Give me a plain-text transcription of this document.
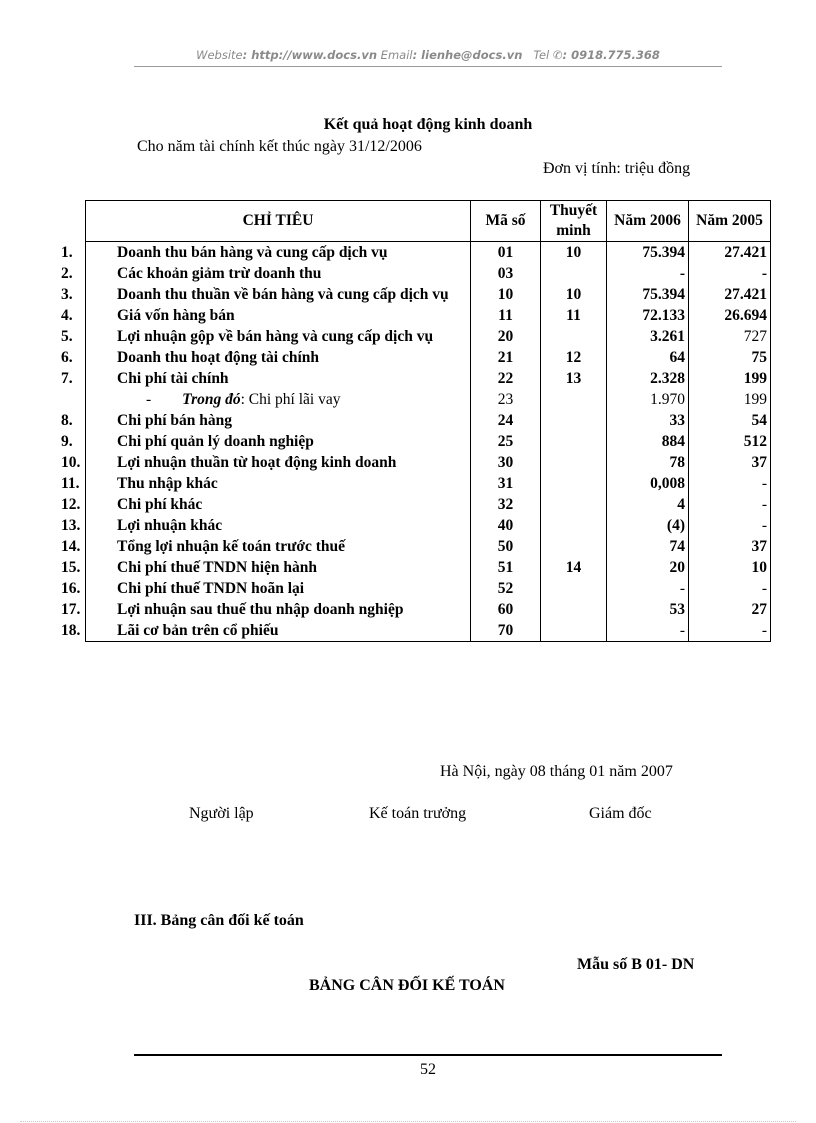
Website: http://www.docs.vn Email: lienhe@docs.vn Tel ✆: 0918.775.368
Kết quả hoạt động kinh doanh
Cho năm tài chính kết thúc ngày 31/12/2006
Đơn vị tính: triệu đồng
CHỈ TIÊU	Mã số	Thuyết minh	Năm 2006	Năm 2005

1. Doanh thu bán hàng và cung cấp dịch vụ	01	10	75.394	27.421

2. Các khoản giảm trừ doanh thu	03		-	-

3. Doanh thu thuần về bán hàng và cung cấp dịch vụ	10	10	75.394	27.421

4. Giá vốn hàng bán	11	11	72.133	26.694

5. Lợi nhuận gộp về bán hàng và cung cấp dịch vụ	20		3.261	727

6. Doanh thu hoạt động tài chính	21	12	64	75

7. Chi phí tài chính	22	13	2.328	199
- Trong đó: Chi phí lãi vay	23		1.970	199

8. Chi phí bán hàng	24		33	54

9. Chi phí quản lý doanh nghiệp	25		884	512

10. Lợi nhuận thuần từ hoạt động kinh doanh	30		78	37

11. Thu nhập khác	31		0,008	-

12. Chi phí khác	32		4	-

13. Lợi nhuận khác	40		(4)	-

14. Tổng lợi nhuận kế toán trước thuế	50		74	37

15. Chi phí thuế TNDN hiện hành	51	14	20	10

16. Chi phí thuế TNDN hoãn lại	52		-	-

17. Lợi nhuận sau thuế thu nhập doanh nghiệp	60		53	27

18. Lãi cơ bản trên cổ phiếu	70		-	-
Hà Nội, ngày 08 tháng 01 năm 2007
Người lập	Kế toán trưởng	Giám đốc
III. Bảng cân đối kế toán
Mẫu số B 01- DN
BẢNG CÂN ĐỐI KẾ TOÁN
52
